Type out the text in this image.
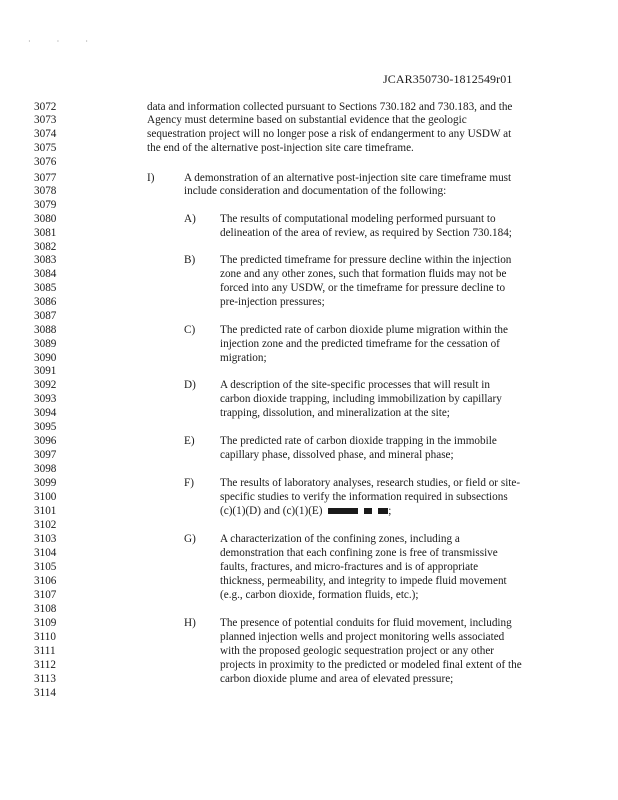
· · ·
JCAR350730-1812549r01
3072
3073
3074
3075
3076
3077
3078
3079
3080
3081
3082
3083
3084
3085
3086
3087
3088
3089
3090
3091
3092
3093
3094
3095
3096
3097
3098
3099
3100
3101
3102
3103
3104
3105
3106
3107
3108
3109
3110
3111
3112
3113
3114
data and information collected pursuant to Sections 730.182 and 730.183, and the
Agency must determine based on substantial evidence that the geologic
sequestration project will no longer pose a risk of endangerment to any USDW at
the end of the alternative post-injection site care timeframe.
I)	A demonstration of an alternative post-injection site care timeframe must
include consideration and documentation of the following:
A) The results of computational modeling performed pursuant to
delineation of the area of review, as required by Section 730.184;
B) The predicted timeframe for pressure decline within the injection
zone and any other zones, such that formation fluids may not be
forced into any USDW, or the timeframe for pressure decline to
pre-injection pressures;
C) The predicted rate of carbon dioxide plume migration within the
injection zone and the predicted timeframe for the cessation of
migration;
D) A description of the site-specific processes that will result in
carbon dioxide trapping, including immobilization by capillary
trapping, dissolution, and mineralization at the site;
E) The predicted rate of carbon dioxide trapping in the immobile
capillary phase, dissolved phase, and mineral phase;
F) The results of laboratory analyses, research studies, or field or site-
specific studies to verify the information required in subsections
(c)(1)(D) and (c)(1)(E)	;
G) A characterization of the confining zones, including a
demonstration that each confining zone is free of transmissive
faults, fractures, and micro-fractures and is of appropriate
thickness, permeability, and integrity to impede fluid movement
(e.g., carbon dioxide, formation fluids, etc.);
H) The presence of potential conduits for fluid movement, including
planned injection wells and project monitoring wells associated
with the proposed geologic sequestration project or any other
projects in proximity to the predicted or modeled final extent of the
carbon dioxide plume and area of elevated pressure;
